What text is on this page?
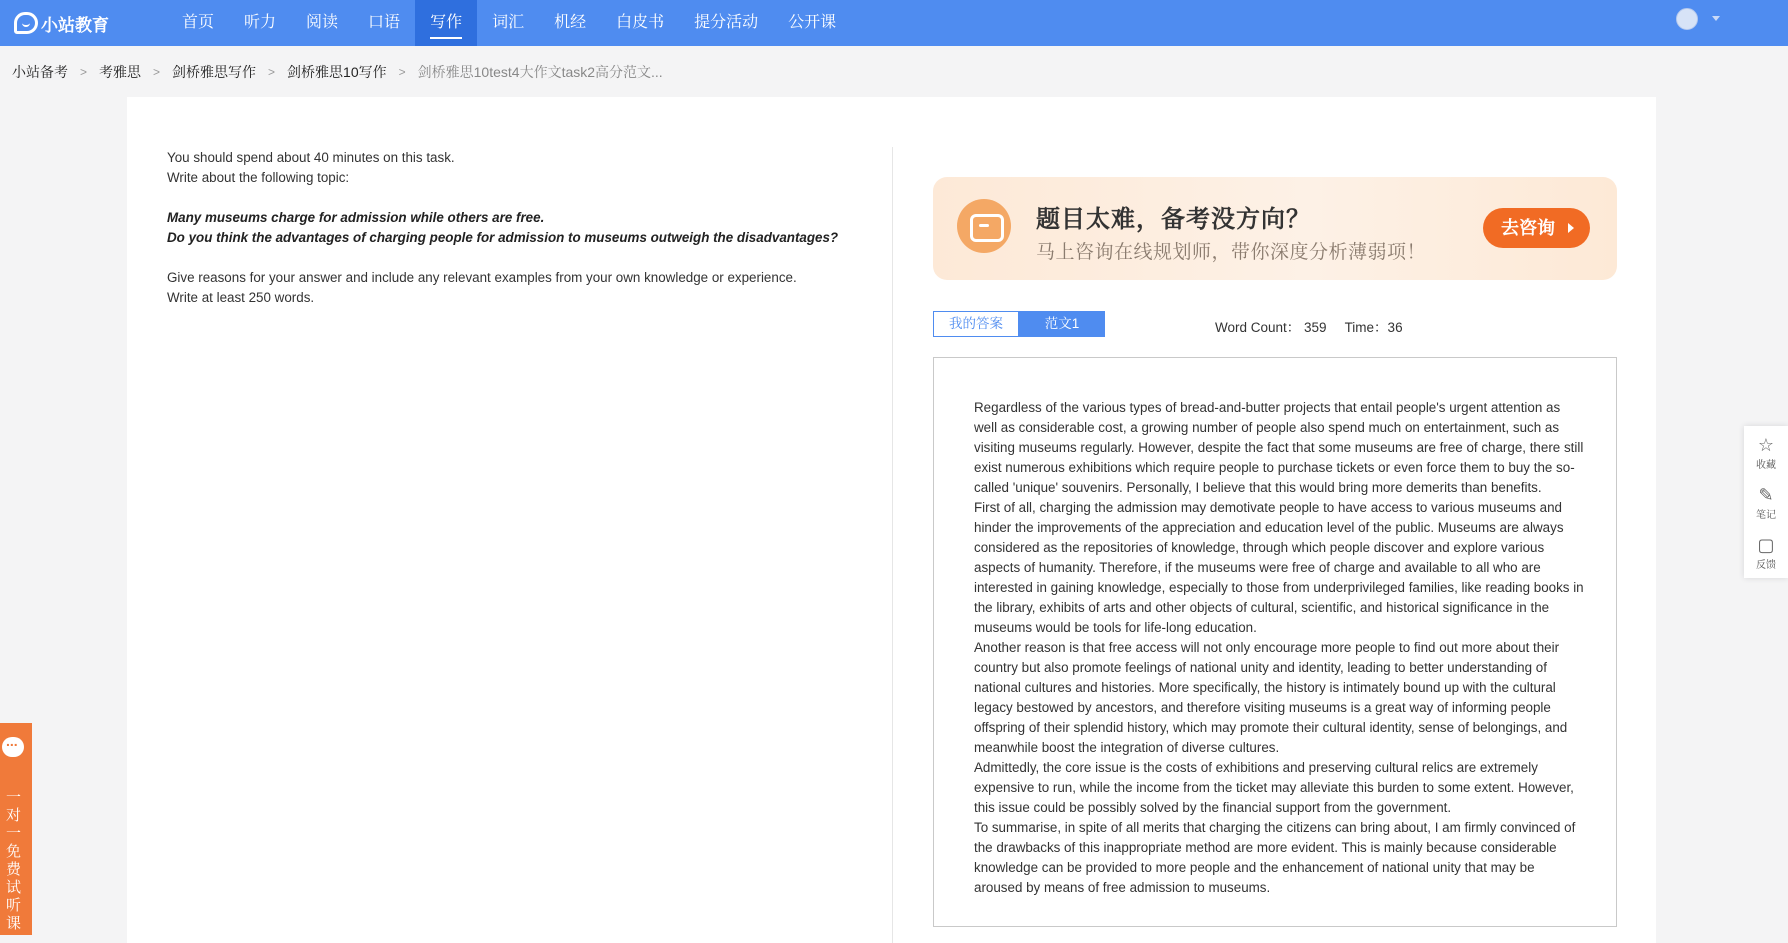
小站教育	首页	听力	阅读	口语	写作	词汇	机经	白皮书	提分活动	公开课
小站备考 > 考雅思 > 剑桥雅思写作 > 剑桥雅思10写作 > 剑桥雅思10test4大作文task2高分范文...
You should spend about 40 minutes on this task.
Write about the following topic:
Many museums charge for admission while others are free.
Do you think the advantages of charging people for admission to museums outweigh the disadvantages?
Give reasons for your answer and include any relevant examples from your own knowledge or experience.
Write at least 250 words.
题目太难，备考没方向？
马上咨询在线规划师，带你深度分析薄弱项！
去咨询
我的答案	范文1	Word Count： 359 Time：36

Regardless of the various types of bread-and-butter projects that entail people's urgent attention as well as considerable cost, a growing number of people also spend much on entertainment, such as visiting museums regularly. However, despite the fact that some museums are free of charge, there still exist numerous exhibitions which require people to purchase tickets or even force them to buy the so-called 'unique' souvenirs. Personally, I believe that this would bring more demerits than benefits.

First of all, charging the admission may demotivate people to have access to various museums and hinder the improvements of the appreciation and education level of the public. Museums are always considered as the repositories of knowledge, through which people discover and explore various aspects of humanity. Therefore, if the museums were free of charge and available to all who are interested in gaining knowledge, especially to those from underprivileged families, like reading books in the library, exhibits of arts and other objects of cultural, scientific, and historical significance in the museums would be tools for life-long education.

Another reason is that free access will not only encourage more people to find out more about their country but also promote feelings of national unity and identity, leading to better understanding of national cultures and histories. More specifically, the history is intimately bound up with the cultural legacy bestowed by ancestors, and therefore visiting museums is a great way of informing people offspring of their splendid history, which may promote their cultural identity, sense of belongings, and meanwhile boost the integration of diverse cultures.

Admittedly, the core issue is the costs of exhibitions and preserving cultural relics are extremely expensive to run, while the income from the ticket may alleviate this burden to some extent. However, this issue could be possibly solved by the financial support from the government.

To summarise, in spite of all merits that charging the citizens can bring about, I am firmly convinced of the drawbacks of this inappropriate method are more evident. This is mainly because considerable knowledge can be provided to more people and the enhancement of national unity that may be aroused by means of free admission to museums.

☆
收藏
✎
笔记
▢
反馈
...
一对一免费试听课
